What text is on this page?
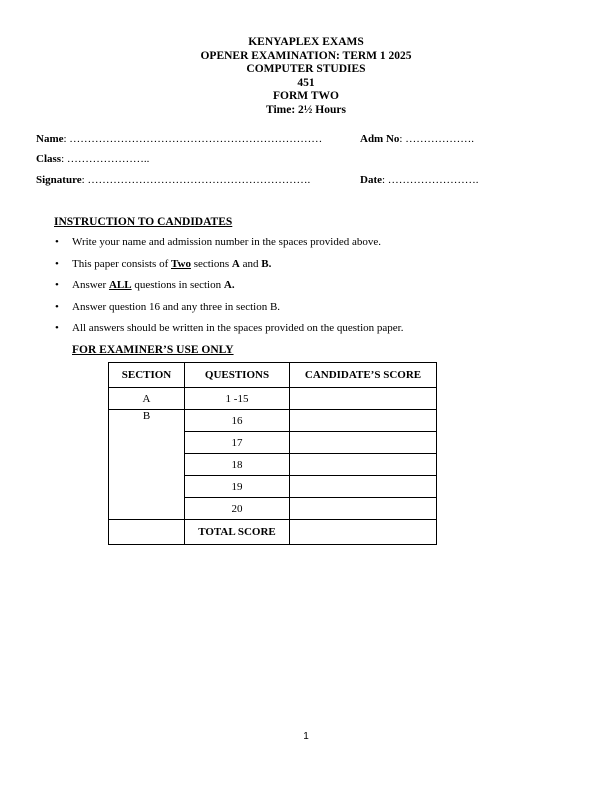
KENYAPLEX EXAMS
OPENER EXAMINATION: TERM 1 2025
COMPUTER STUDIES
451
FORM TWO
Time: 2½ Hours
Name: ……………………………………………………………	Adm No: ……………….
Class: …………………..
Signature: …………………………………………………….	Date: …………………….
INSTRUCTION TO CANDIDATES
• Write your name and admission number in the spaces provided above.
• This paper consists of Two sections A and B.
• Answer ALL questions in section A.
• Answer question 16 and any three in section B.
• All answers should be written in the spaces provided on the question paper.
FOR EXAMINER’S USE ONLY
SECTION	QUESTIONS	CANDIDATE’S SCORE
A	1 -15	
B	16	
	17	
	18	
	19	
	20	
	TOTAL SCORE	
1
